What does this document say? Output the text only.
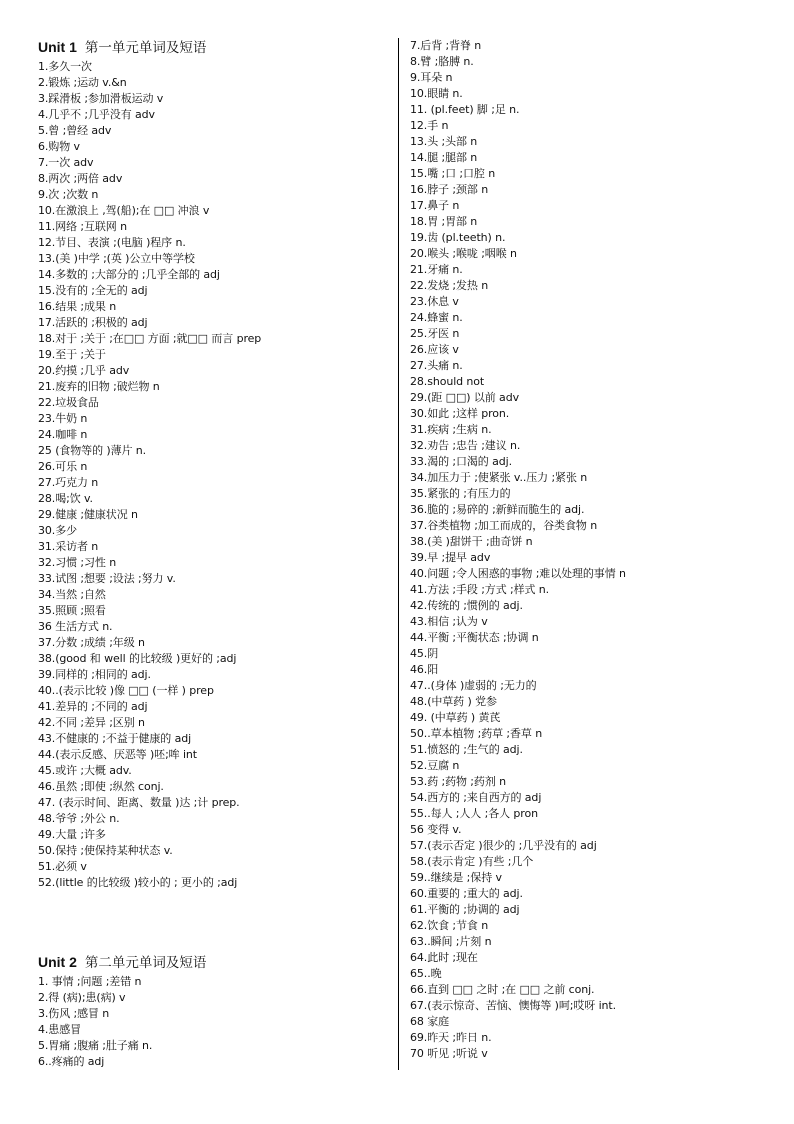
Unit 1 第一单元单词及短语
1.多久一次
2.锻炼 ;运动 v.&n
3.踩滑板 ;参加滑板运动 v
4.几乎不 ;几乎没有 adv
5.曾 ;曾经 adv
6.购物 v
7.一次 adv
8.两次 ;两倍 adv
9.次 ;次数 n
10.在激浪上 ,驾(船);在 □□ 冲浪 v
11.网络 ;互联网 n
12.节目、表演 ;(电脑 )程序 n.
13.(美 )中学 ;(英 )公立中等学校
14.多数的 ;大部分的 ;几乎全部的 adj
15.没有的 ;全无的 adj
16.结果 ;成果 n
17.活跃的 ;积极的 adj
18.对于 ;关于 ;在□□ 方面 ;就□□ 而言 prep
19.至于 ;关于
20.约摸 ;几乎 adv
21.废弃的旧物 ;破烂物 n
22.垃圾食品
23.牛奶 n
24.咖啡 n
25 (食物等的 )薄片 n.
26.可乐 n
27.巧克力 n
28.喝;饮 v.
29.健康 ;健康状况 n
30.多少
31.采访者 n
32.习惯 ;习性 n
33.试图 ;想要 ;设法 ;努力 v.
34.当然 ;自然
35.照顾 ;照看
36 生活方式 n.
37.分数 ;成绩 ;年级 n
38.(good 和 well 的比较级 )更好的 ;adj
39.同样的 ;相同的 adj.
40..(表示比较 )像 □□ (一样 ) prep
41.差异的 ;不同的 adj
42.不同 ;差异 ;区别 n
43.不健康的 ;不益于健康的 adj
44.(表示反感、厌恶等 )呸;哞 int
45.或许 ;大概 adv.
46.虽然 ;即使 ;纵然 conj.
47. (表示时间、距离、数量 )达 ;计 prep.
48.爷爷 ;外公 n.
49.大量 ;许多
50.保持 ;使保持某种状态 v.
51.必须 v
52.(little 的比较级 )较小的 ; 更小的 ;adj
Unit 2 第二单元单词及短语
1. 事情 ;问题 ;差错 n
2.得 (病);患(病) v
3.伤风 ;感冒 n
4.患感冒
5.胃痛 ;腹痛 ;肚子痛 n.
6..疼痛的 adj
7.后背 ;背脊 n
8.臂 ;胳膊 n.
9.耳朵 n
10.眼睛 n.
11. (pl.feet) 脚 ;足 n.
12.手 n
13.头 ;头部 n
14.腿 ;腿部 n
15.嘴 ;口 ;口腔 n
16.脖子 ;颈部 n
17.鼻子 n
18.胃 ;胃部 n
19.齿 (pl.teeth) n.
20.喉头 ;喉咙 ;咽喉 n
21.牙痛 n.
22.发烧 ;发热 n
23.休息 v
24.蜂蜜 n.
25.牙医 n
26.应该 v
27.头痛 n.
28.should not
29.(距 □□) 以前 adv
30.如此 ;这样 pron.
31.疾病 ;生病 n.
32.劝告 ;忠告 ;建议 n.
33.渴的 ;口渴的 adj.
34.加压力于 ;使紧张 v..压力 ;紧张 n
35.紧张的 ;有压力的
36.脆的 ;易碎的 ;新鲜而脆生的 adj.
37.谷类植物 ;加工而成的，谷类食物 n
38.(美 )甜饼干 ;曲奇饼 n
39.早 ;提早 adv
40.问题 ;令人困惑的事物 ;难以处理的事情 n
41.方法 ;手段 ;方式 ;样式 n.
42.传统的 ;惯例的 adj.
43.相信 ;认为 v
44.平衡 ;平衡状态 ;协调 n
45.阴
46.阳
47..(身体 )虚弱的 ;无力的
48.(中草药 ) 党参
49. (中草药 ) 黄芪
50..草本植物 ;药草 ;香草 n
51.愤怒的 ;生气的 adj.
52.豆腐 n
53.药 ;药物 ;药剂 n
54.西方的 ;来自西方的 adj
55..每人 ;人人 ;各人 pron
56 变得 v.
57.(表示否定 )很少的 ;几乎没有的 adj
58.(表示肯定 )有些 ;几个
59..继续是 ;保持 v
60.重要的 ;重大的 adj.
61.平衡的 ;协调的 adj
62.饮食 ;节食 n
63..瞬间 ;片刻 n
64.此时 ;现在
65..晚
66.直到 □□ 之时 ;在 □□ 之前 conj.
67.(表示惊奇、苦恼、懊悔等 )呵;哎呀 int.
68 家庭
69.昨天 ;昨日 n.
70 听见 ;听说 v
